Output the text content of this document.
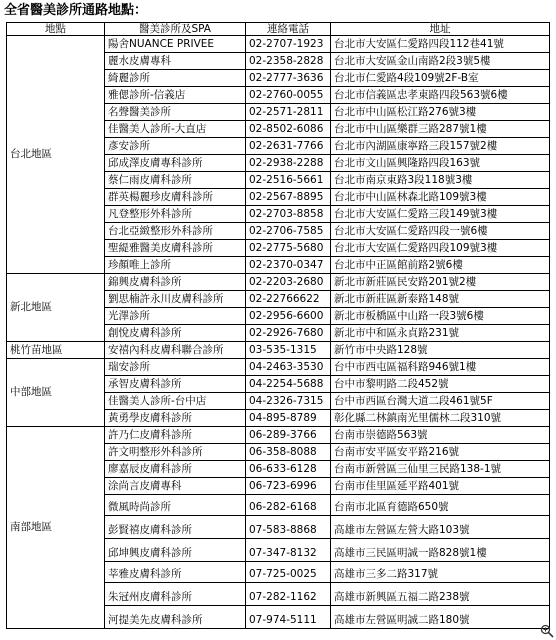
全省醫美診所通路地點：
地點	醫美診所及SPA	連絡電話	地址
台北地區	陽舍NUANCE PRIVEE	02-2707-1923	台北市大安區仁愛路四段112巷41號
	麗水皮膚專科	02-2358-2828	台北市大安區金山南路2段3號5樓
	綺麗診所	02-2777-3636	台北市仁愛路4段109號2F-B室
	雅偲診所-信義店	02-2760-0055	台北市信義區忠孝東路四段563號6樓
	名聲醫美診所	02-2571-2811	台北市中山區松江路276號3樓
	佳醫美人診所-大直店	02-8502-6086	台北市中山區樂群三路287號1樓
	彥安診所	02-2631-7766	台北市內湖區康寧路三段157號2樓
	邱成澤皮膚專科診所	02-2938-2288	台北市文山區興隆路四段163號
	蔡仁雨皮膚科診所	02-2516-5661	台北市南京東路3段118號3樓
	群英楊麗珍皮膚科診所	02-2567-8895	台北市中山區林森北路109號3樓
	凡登整形外科診所	02-2703-8858	台北市大安區仁愛路三段149號3樓
	台北亞緻整形外科診所	02-2706-7585	台北市大安區仁愛路四段一號6樓
	聖緹雅醫美皮膚科診所	02-2775-5680	台北市大安區仁愛路四段109號3樓
	珍顏唯上診所	02-2370-0347	台北市中正區館前路2號6樓
新北地區	錦興皮膚科診所	02-2203-2680	新北市新莊區民安路201號2樓
	劉思楠許永川皮膚科診所	02-22766622	新北市新莊區新泰路148號
	光澤診所	02-2956-6600	新北市板橋區中山路一段3號6樓
	創悅皮膚科診所	02-2926-7680	新北市中和區永貞路231號
桃竹苗地區	安禧內科皮膚科聯合診所	03-535-1315	新竹市中央路128號
中部地區	瑞安診所	04-2463-3530	台中市西屯區福科路946號1樓
	承智皮膚科診所	04-2254-5688	台中市黎明路二段452號
	佳醫美人診所-台中店	04-2326-7315	台中市西區台灣大道二段461號5F
	黃勇學皮膚科診所	04-895-8789	彰化縣二林鎮南光里儒林二段310號
南部地區	許乃仁皮膚科診所	06-289-3766	台南市崇德路563號
	許文明整形外科診所	06-358-8088	台南市安平區安平路216號
	廖嘉辰皮膚科診所	06-633-6128	台南市新營區三仙里三民路138-1號
	涂尚言皮膚專科	06-723-6996	台南市佳里區延平路401號
	微風時尚診所	06-282-6168	台南市北區育德路650號
	彭賢禧皮膚科診所	07-583-8868	高雄市左營區左營大路103號
	邱坤興皮膚科診所	07-347-8132	高雄市三民區明誠一路828號1樓
	莘雅皮膚科診所	07-725-0025	高雄市三多二路317號
	朱冠州皮膚科診所	07-282-1162	高雄市新興區五福二路238號
	河提美先皮膚科診所	07-974-5111	高雄市左營區明誠二路180號
